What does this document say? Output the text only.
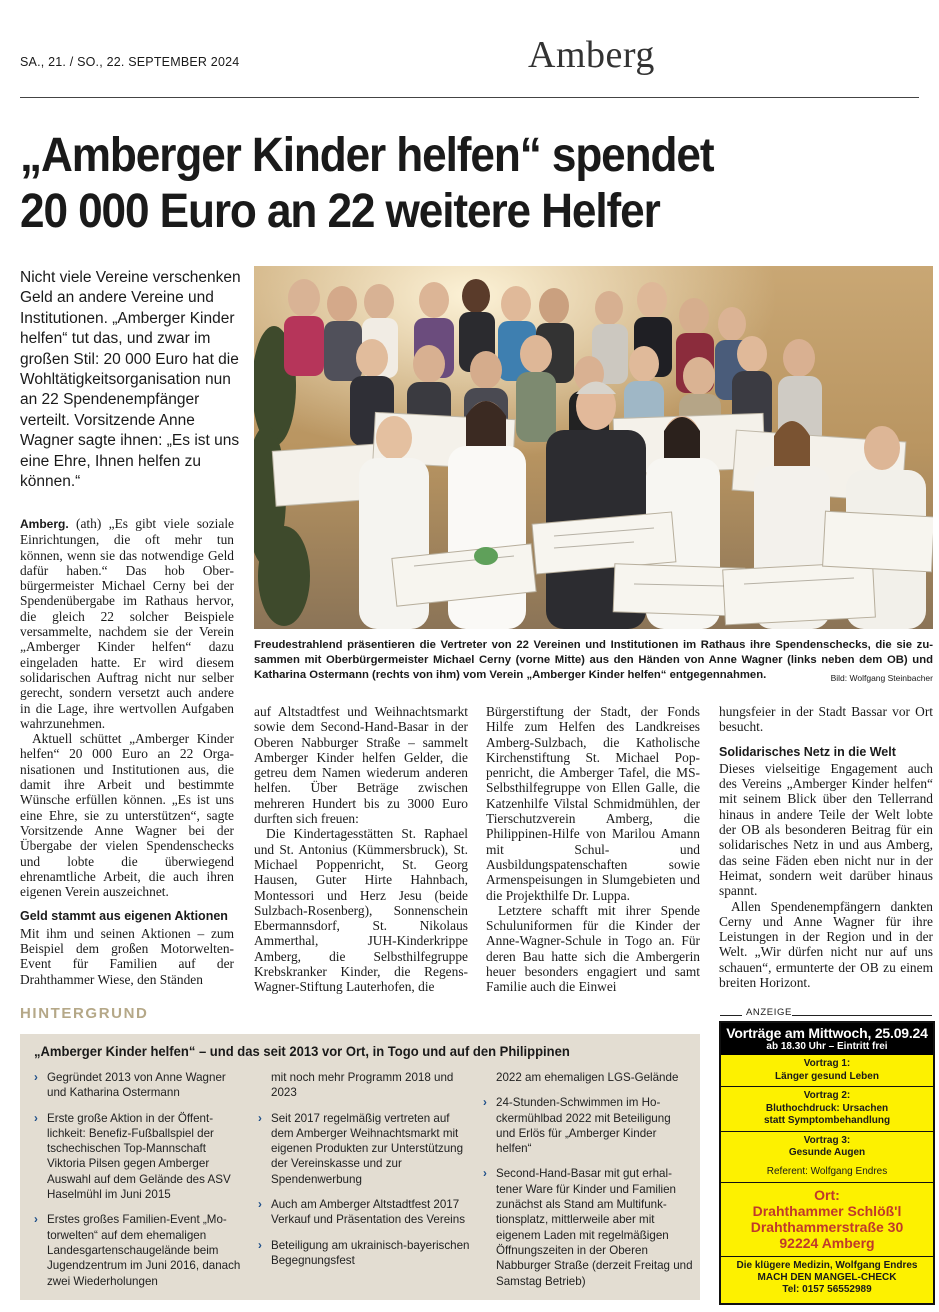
SA., 21. / SO., 22. SEPTEMBER 2024	Amberg
„Amberger Kinder helfen“ spendet
20 000 Euro an 22 weitere Helfer
Nicht viele Vereine verschenken Geld an andere Vereine und Institutionen. „Amberger Kinder helfen“ tut das, und zwar im großen Stil: 20 000 Euro hat die Wohltätigkeitsorganisation nun an 22 Spendenempfänger verteilt. Vorsitzende Anne Wagner sagte ihnen: „Es ist uns eine Ehre, Ihnen helfen zu können.“
Freudestrahlend präsentieren die Vertreter von 22 Vereinen und Institutionen im Rathaus ihre Spendenschecks, die sie zusammen mit Oberbürgermeister Michael Cerny (vorne Mitte) aus den Händen von Anne Wagner (links neben dem OB) und Katharina Ostermann (rechts von ihm) vom Verein „Amberger Kinder helfen“ entgegennahmen.	Bild: Wolfgang Steinbacher

Amberg. (ath) „Es gibt viele soziale Einrichtungen, die oft mehr tun können, wenn sie das notwendige Geld dafür haben.“ Das hob Oberbürgermeister Michael Cerny bei der Spendenübergabe im Rathaus hervor, die gleich 22 solcher Beispiele versammelte, nachdem sie der Verein „Amberger Kinder helfen“ dazu eingeladen hatte. Er wird diesem solidarischen Auftrag nicht nur selber gerecht, sondern versetzt auch andere in die Lage, ihre wertvollen Aufgaben wahrzunehmen.

Aktuell schüttet „Amberger Kinder helfen“ 20 000 Euro an 22 Organisationen und Institutionen aus, die damit ihre Arbeit und bestimmte Wünsche erfüllen können. „Es ist uns eine Ehre, sie zu unterstützen“, sagte Vorsitzende Anne Wagner bei der Übergabe der vielen Spendenschecks und lobte die überwiegend ehrenamtliche Arbeit, die auch ihren eigenen Verein auszeichnet.

Geld stammt aus eigenen Aktionen

Mit ihm und seinen Aktionen – zum Beispiel dem großen Motorwelten-Event für Familien auf der Drahthammer Wiese, den Ständen

auf Altstadtfest und Weihnachtsmarkt sowie dem Second-Hand-Basar in der Oberen Nabburger Straße – sammelt Amberger Kinder helfen Gelder, die getreu dem Namen wiederum anderen helfen. Über Beträge zwischen mehreren Hundert bis zu 3000 Euro durften sich freuen:

Die Kindertagesstätten St. Raphael und St. Antonius (Kümmersbruck), St. Michael Poppenricht, St. Georg Hausen, Guter Hirte Hahnbach, Montessori und Herz Jesu (beide Sulzbach-Rosenberg), Sonnenschein Ebermannsdorf, St. Nikolaus Ammerthal, JUH-Kinderkrippe Amberg, die Selbsthilfegruppe Krebskranker Kinder, die Regens-Wagner-Stiftung Lauterhofen, die

Bürgerstiftung der Stadt, der Fonds Hilfe zum Helfen des Landkreises Amberg-Sulzbach, die Katholische Kirchenstiftung St. Michael Poppenricht, die Amberger Tafel, die MS-Selbsthilfegruppe von Ellen Galle, die Katzenhilfe Vilstal Schmidmühlen, der Tierschutzverein Amberg, die Philippinen-Hilfe von Marilou Amann mit Schul- und Ausbildungspatenschaften sowie Armenspeisungen in Slumgebieten und die Projekthilfe Dr. Luppa.

Letztere schafft mit ihrer Spende Schuluniformen für die Kinder der Anne-Wagner-Schule in Togo an. Für deren Bau hatte sich die Ambergerin heuer besonders engagiert und samt Familie auch die Einwei

hungsfeier in der Stadt Bassar vor Ort besucht.

Solidarisches Netz in die Welt

Dieses vielseitige Engagement auch des Vereins „Amberger Kinder helfen“ mit seinem Blick über den Tellerrand hinaus in andere Teile der Welt lobte der OB als besonderen Beitrag für ein solidarisches Netz in und aus Amberg, das seine Fäden eben nicht nur in der Heimat, sondern weit darüber hinaus spannt.

Allen Spendenempfängern dankten Cerny und Anne Wagner für ihre Leistungen in der Region und in der Welt. „Wir dürfen nicht nur auf uns schauen“, ermunterte der OB zu einem breiten Horizont.

HINTERGRUND
„Amberger Kinder helfen“ – und das seit 2013 vor Ort, in Togo und auf den Philippinen
› Gegründet 2013 von Anne Wagner und Katharina Ostermann
› Erste große Aktion in der Öffentlichkeit: Benefiz-Fußballspiel der tschechischen Top-Mannschaft Viktoria Pilsen gegen Amberger Auswahl auf dem Gelände des ASV Haselmühl im Juni 2015
› Erstes großes Familien-Event „Motorwelten“ auf dem ehemaligen Landesgartenschaugelände beim Jugendzentrum im Juni 2016, danach zwei Wiederholungen
mit noch mehr Programm 2018 und 2023
› Seit 2017 regelmäßig vertreten auf dem Amberger Weihnachtsmarkt mit eigenen Produkten zur Unterstützung der Vereinskasse und zur Spendenwerbung
› Auch am Amberger Altstadtfest 2017 Verkauf und Präsentation des Vereins
› Beteiligung am ukrainisch-bayerischen Begegnungsfest
2022 am ehemaligen LGS-Gelände
› 24-Stunden-Schwimmen im Hockermühlbad 2022 mit Beteiligung und Erlös für „Amberger Kinder helfen“
› Second-Hand-Basar mit gut erhaltener Ware für Kinder und Familien zunächst als Stand am Multifunktionsplatz, mittlerweile aber mit eigenem Laden mit regelmäßigen Öffnungszeiten in der Oberen Nabburger Straße (derzeit Freitag und Samstag Betrieb)
ANZEIGE
Vorträge am Mittwoch, 25.09.24
ab 18.30 Uhr – Eintritt frei
Vortrag 1:
Länger gesund Leben
Vortrag 2:
Bluthochdruck: Ursachen
statt Symptombehandlung
Vortrag 3:
Gesunde Augen
Referent: Wolfgang Endres
Ort:
Drahthammer Schlöß'l
Drahthammerstraße 30
92224 Amberg
Die klügere Medizin, Wolfgang Endres
MACH DEN MANGEL-CHECK
Tel: 0157 56552989
